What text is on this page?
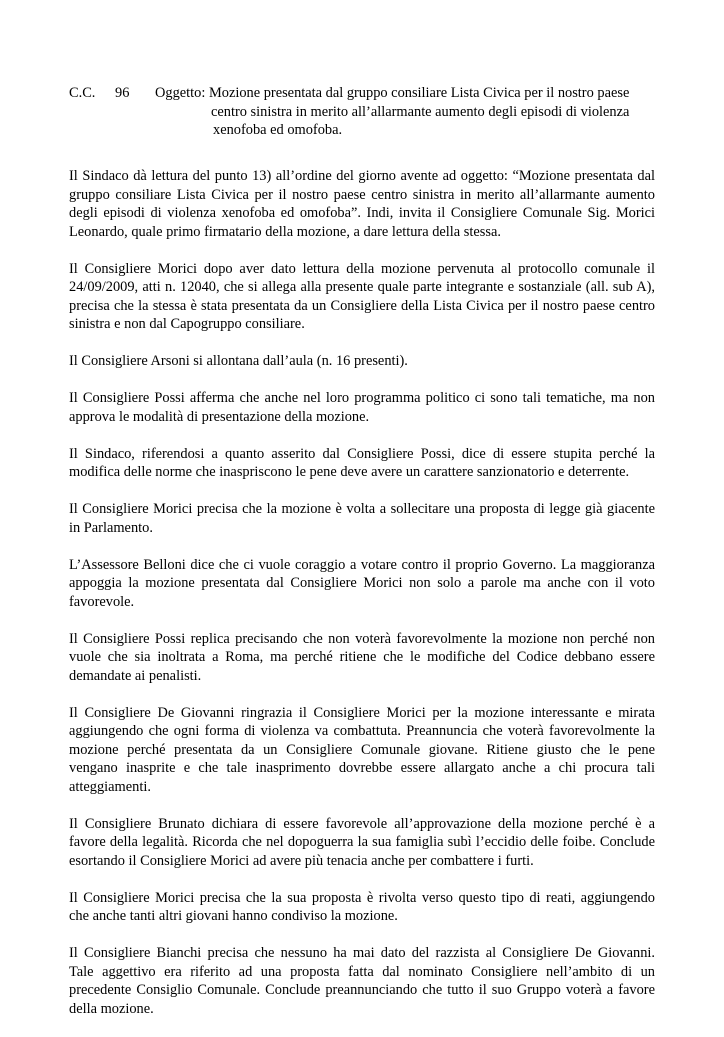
C.C. 96 Oggetto: Mozione presentata dal gruppo consiliare Lista Civica per il nostro paese
centro sinistra in merito all’allarmante aumento degli episodi di violenza
xenofoba ed omofoba.
Il Sindaco dà lettura del punto 13) all’ordine del giorno avente ad oggetto: “Mozione presentata dal
gruppo consiliare Lista Civica per il nostro paese centro sinistra in merito all’allarmante aumento
degli episodi di violenza xenofoba ed omofoba”. Indi, invita il Consigliere Comunale Sig. Morici
Leonardo, quale primo firmatario della mozione, a dare lettura della stessa.
Il Consigliere Morici dopo aver dato lettura della mozione pervenuta al protocollo comunale il
24/09/2009, atti n. 12040, che si allega alla presente quale parte integrante e sostanziale (all. sub A),
precisa che la stessa è stata presentata da un Consigliere della Lista Civica per il nostro paese centro
sinistra e non dal Capogruppo consiliare.
Il Consigliere Arsoni si allontana dall’aula (n. 16 presenti).
Il Consigliere Possi afferma che anche nel loro programma politico ci sono tali tematiche, ma non
approva le modalità di presentazione della mozione.
Il Sindaco, riferendosi a quanto asserito dal Consigliere Possi, dice di essere stupita perché la
modifica delle norme che inaspriscono le pene deve avere un carattere sanzionatorio e deterrente.
Il Consigliere Morici precisa che la mozione è volta a sollecitare una proposta di legge già giacente
in Parlamento.
L’Assessore Belloni dice che ci vuole coraggio a votare contro il proprio Governo. La maggioranza
appoggia la mozione presentata dal Consigliere Morici non solo a parole ma anche con il voto
favorevole.
Il Consigliere Possi replica precisando che non voterà favorevolmente la mozione non perché non
vuole che sia inoltrata a Roma, ma perché ritiene che le modifiche del Codice debbano essere
demandate ai penalisti.
Il Consigliere De Giovanni ringrazia il Consigliere Morici per la mozione interessante e mirata
aggiungendo che ogni forma di violenza va combattuta. Preannuncia che voterà favorevolmente la
mozione perché presentata da un Consigliere Comunale giovane. Ritiene giusto che le pene
vengano inasprite e che tale inasprimento dovrebbe essere allargato anche a chi procura tali
atteggiamenti.
Il Consigliere Brunato dichiara di essere favorevole all’approvazione della mozione perché è a
favore della legalità. Ricorda che nel dopoguerra la sua famiglia subì l’eccidio delle foibe. Conclude
esortando il Consigliere Morici ad avere più tenacia anche per combattere i furti.
Il Consigliere Morici precisa che la sua proposta è rivolta verso questo tipo di reati, aggiungendo
che anche tanti altri giovani hanno condiviso la mozione.
Il Consigliere Bianchi precisa che nessuno ha mai dato del razzista al Consigliere De Giovanni.
Tale aggettivo era riferito ad una proposta fatta dal nominato Consigliere nell’ambito di un
precedente Consiglio Comunale. Conclude preannunciando che tutto il suo Gruppo voterà a favore
della mozione.
